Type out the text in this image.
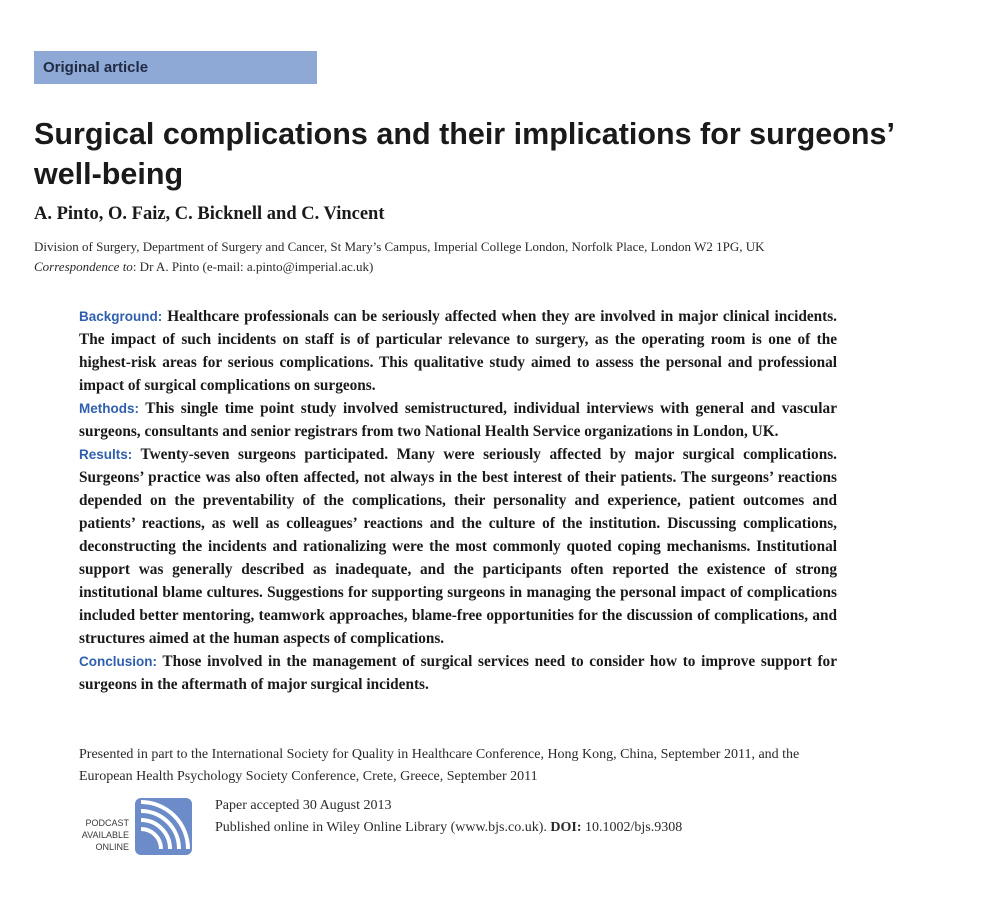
Original article
Surgical complications and their implications for surgeons’ well-being
A. Pinto, O. Faiz, C. Bicknell and C. Vincent
Division of Surgery, Department of Surgery and Cancer, St Mary’s Campus, Imperial College London, Norfolk Place, London W2 1PG, UK
Correspondence to: Dr A. Pinto (e-mail: a.pinto@imperial.ac.uk)

Background: Healthcare professionals can be seriously affected when they are involved in major clinical incidents. The impact of such incidents on staff is of particular relevance to surgery, as the operating room is one of the highest-risk areas for serious complications. This qualitative study aimed to assess the personal and professional impact of surgical complications on surgeons.

Methods: This single time point study involved semistructured, individual interviews with general and vascular surgeons, consultants and senior registrars from two National Health Service organizations in London, UK.

Results: Twenty-seven surgeons participated. Many were seriously affected by major surgical complications. Surgeons’ practice was also often affected, not always in the best interest of their patients. The surgeons’ reactions depended on the preventability of the complications, their personality and experience, patient outcomes and patients’ reactions, as well as colleagues’ reactions and the culture of the institution. Discussing complications, deconstructing the incidents and rationalizing were the most commonly quoted coping mechanisms. Institutional support was generally described as inadequate, and the participants often reported the existence of strong institutional blame cultures. Suggestions for supporting surgeons in managing the personal impact of complications included better mentoring, teamwork approaches, blame-free opportunities for the discussion of complications, and structures aimed at the human aspects of complications.

Conclusion: Those involved in the management of surgical services need to consider how to improve support for surgeons in the aftermath of major surgical incidents.

Presented in part to the International Society for Quality in Healthcare Conference, Hong Kong, China, September 2011, and the European Health Psychology Society Conference, Crete, Greece, September 2011
PODCAST
AVAILABLE
ONLINE
Paper accepted 30 August 2013
Published online in Wiley Online Library (www.bjs.co.uk). DOI: 10.1002/bjs.9308
